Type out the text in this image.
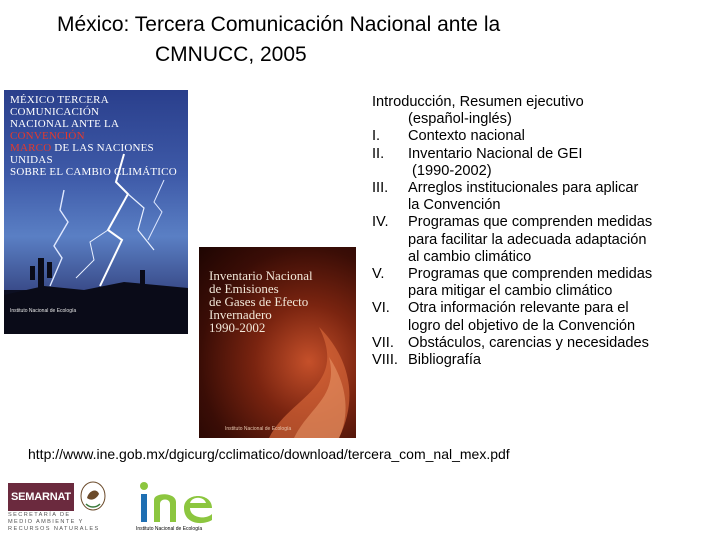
México: Tercera Comunicación Nacional ante la
CMNUCC, 2005
MÉXICO TERCERA COMUNICACIÓN
NACIONAL ANTE LA CONVENCIÓN
MARCO DE LAS NACIONES UNIDAS
SOBRE EL CAMBIO CLIMÁTICO
Instituto Nacional de Ecología
Inventario Nacional
de Emisiones
de Gases de Efecto
Invernadero
1990-2002
Instituto Nacional de Ecología
Introducción, Resumen ejecutivo
(español-inglés)
I.	Contexto nacional
II.	Inventario Nacional de GEI
(1990-2002)
III.	Arreglos institucionales para aplicar
la Convención
IV.	Programas que comprenden medidas
para facilitar la adecuada adaptación
al cambio climático
V.	Programas que comprenden medidas
para mitigar el cambio climático
VI.	Otra información relevante para el
logro del objetivo de la Convención
VII. Obstáculos, carencias y necesidades
VIII. Bibliografía
http://www.ine.gob.mx/dgicurg/cclimatico/download/tercera_com_nal_mex.pdf
SEMARNAT
SECRETARÍA DE
MEDIO AMBIENTE Y
RECURSOS NATURALES	Instituto Nacional de Ecología
